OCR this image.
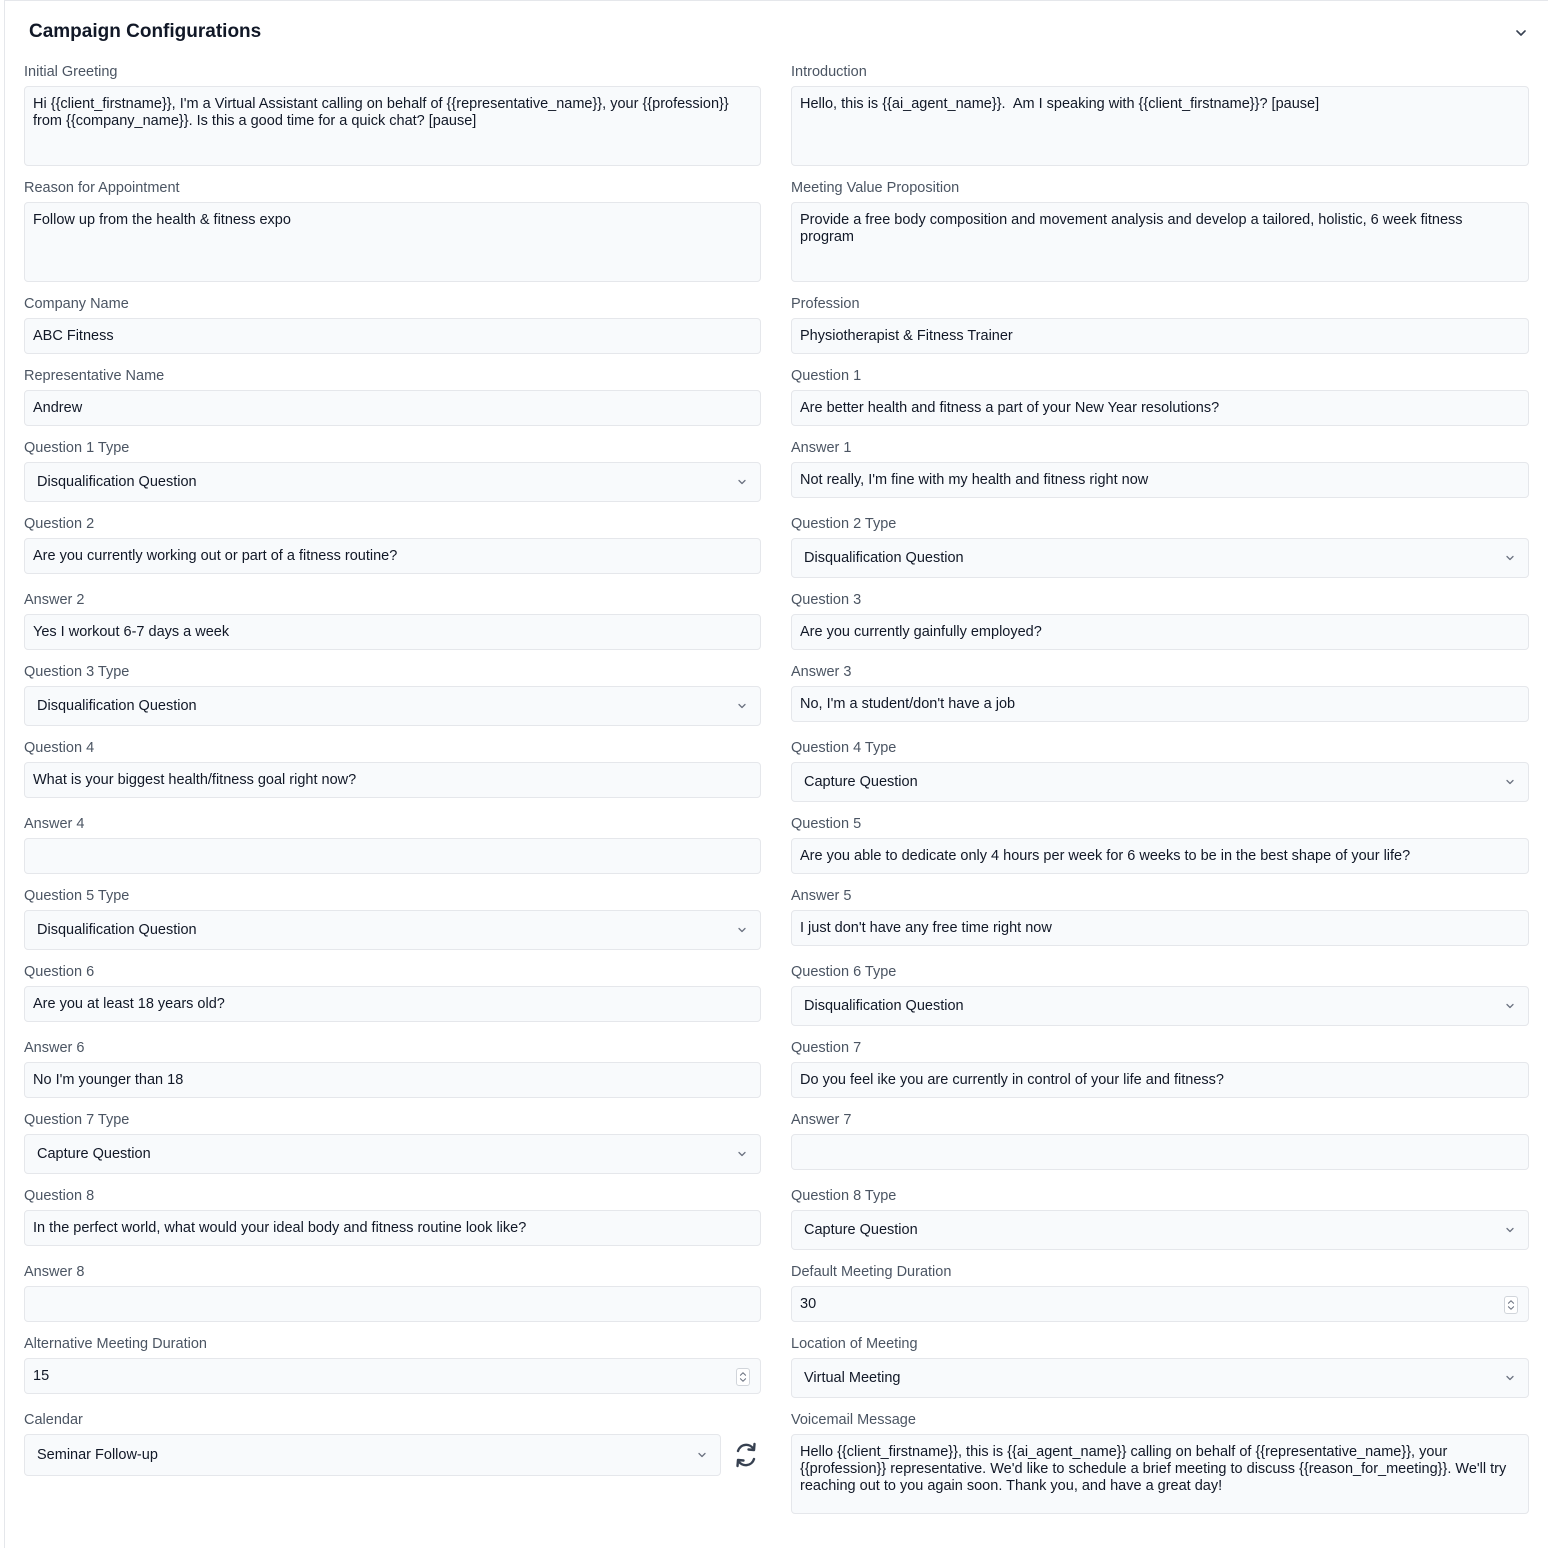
Campaign Configurations
Initial Greeting
Hi {{client_firstname}}, I'm a Virtual Assistant calling on behalf of {{representative_name}}, your {{profession}} from {{company_name}}. Is this a good time for a quick chat? [pause]
Introduction
Hello, this is {{ai_agent_name}}.  Am I speaking with {{client_firstname}}? [pause]
Reason for Appointment
Follow up from the health & fitness expo
Meeting Value Proposition
Provide a free body composition and movement analysis and develop a tailored, holistic, 6 week fitness program
Company Name
ABC Fitness
Profession
Physiotherapist & Fitness Trainer
Representative Name
Andrew
Question 1
Are better health and fitness a part of your New Year resolutions?
Question 1 Type
Disqualification Question
Answer 1
Not really, I'm fine with my health and fitness right now
Question 2
Are you currently working out or part of a fitness routine?
Question 2 Type
Disqualification Question
Answer 2
Yes I workout 6-7 days a week
Question 3
Are you currently gainfully employed?
Question 3 Type
Disqualification Question
Answer 3
No, I'm a student/don't have a job
Question 4
What is your biggest health/fitness goal right now?
Question 4 Type
Capture Question
Answer 4	Question 5
Are you able to dedicate only 4 hours per week for 6 weeks to be in the best shape of your life?
Question 5 Type
Disqualification Question
Answer 5
I just don't have any free time right now
Question 6
Are you at least 18 years old?
Question 6 Type
Disqualification Question
Answer 6
No I'm younger than 18
Question 7
Do you feel ike you are currently in control of your life and fitness?
Question 7 Type
Capture Question
Answer 7
Question 8
In the perfect world, what would your ideal body and fitness routine look like?
Question 8 Type
Capture Question
Answer 8	Default Meeting Duration
30
Alternative Meeting Duration
15
Location of Meeting
Virtual Meeting
Calendar
Seminar Follow-up
Voicemail Message
Hello {{client_firstname}}, this is {{ai_agent_name}} calling on behalf of {{representative_name}}, your {{profession}} representative. We'd like to schedule a brief meeting to discuss {{reason_for_meeting}}. We'll try reaching out to you again soon. Thank you, and have a great day!
